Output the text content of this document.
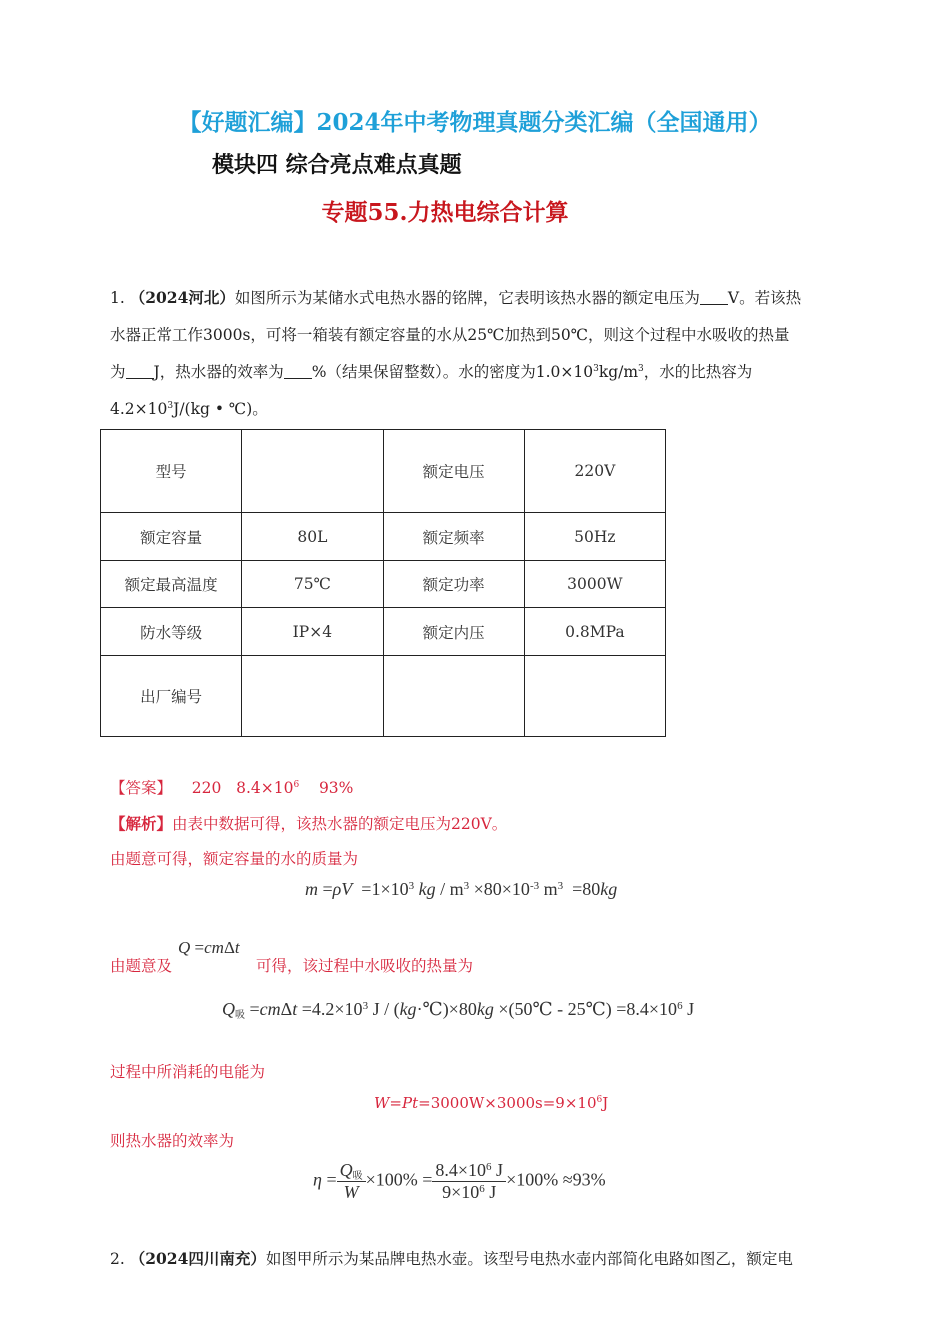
【好题汇编】2024年中考物理真题分类汇编（全国通用）
模块四 综合亮点难点真题
专题55.力热电综合计算
1. （2024河北）如图所示为某储水式电热水器的铭牌，它表明该热水器的额定电压为 V。若该热
水器正常工作3000s，可将一箱装有额定容量的水从25℃加热到50℃，则这个过程中水吸收的热量
为 J，热水器的效率为 %（结果保留整数）。水的密度为$1.0\times 10^3kg/m^3$，水的比热容为
$4.2\times 10^3J/(kg$ • ℃)。
型号		额定电压	220V
额定容量	80L	额定频率	50Hz
额定最高温度	75℃	额定功率	3000W
防水等级	IP×4	额定内压	0.8MPa
出厂编号			
【答案】 220 $8.4\times 10^6$ 93%
【解析】由表中数据可得，该热水器的额定电压为220V。
由题意可得，额定容量的水的质量为
$m =\rho V =1\times 10^3$ kg / $m^3 \times 80\times 10^{-3}$ $m^3 =80kg$
由题意及
Q =cmΔt
可得，该过程中水吸收的热量为
$Q_吸 =cm\Delta t =4.2\times 10^3$ J / (kg·℃)×80kg ×(50℃ - 25℃) $=8.4\times 10^6$ J
过程中所消耗的电能为
$W=Pt=3000W\times 3000s=9\times 10^6J$
则热水器的效率为
$\eta = \frac{Q_吸}{W} \times 100\% = \frac{8.4\times 10^6 J}{9\times 10^6 J} \times 100\% \approx 93\%$
2. （2024四川南充）如图甲所示为某品牌电热水壶。该型号电热水壶内部简化电路如图乙，额定电
